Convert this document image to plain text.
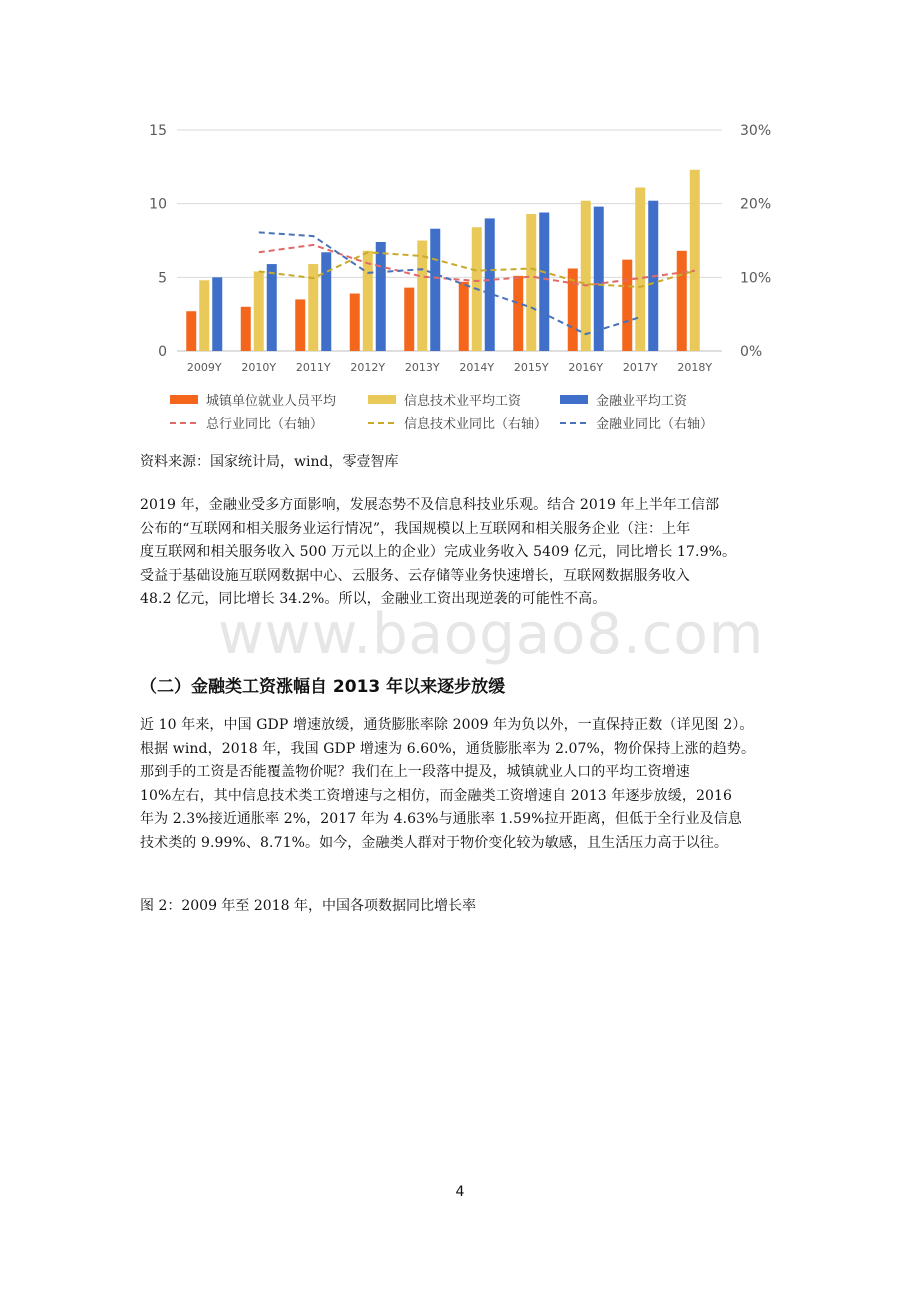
0
5
10
15
0%
10%
20%
30%
2009Y 2010Y 2011Y 2012Y 2013Y 2014Y 2015Y 2016Y 2017Y 2018Y
城镇单位就业人员平均	信息技术业平均工资	金融业平均工资
总行业同比（右轴）	信息技术业同比（右轴）	金融业同比（右轴）
资料来源：国家统计局，wind，零壹智库

2019 年，金融业受多方面影响，发展态势不及信息科技业乐观。结合 2019 年上半年工信部
公布的“互联网和相关服务业运行情况”，我国规模以上互联网和相关服务企业（注：上年
度互联网和相关服务收入 500 万元以上的企业）完成业务收入 5409 亿元，同比增长 17.9%。
受益于基础设施互联网数据中心、云服务、云存储等业务快速增长，互联网数据服务收入
48.2 亿元，同比增长 34.2%。所以，金融业工资出现逆袭的可能性不高。

www.baogao8.com
（二）金融类工资涨幅自 2013 年以来逐步放缓

近 10 年来，中国 GDP 增速放缓，通货膨胀率除 2009 年为负以外，一直保持正数（详见图 2）。
根据 wind，2018 年，我国 GDP 增速为 6.60%，通货膨胀率为 2.07%，物价保持上涨的趋势。
那到手的工资是否能覆盖物价呢？我们在上一段落中提及，城镇就业人口的平均工资增速
10%左右，其中信息技术类工资增速与之相仿，而金融类工资增速自 2013 年逐步放缓，2016
年为 2.3%接近通胀率 2%，2017 年为 4.63%与通胀率 1.59%拉开距离，但低于全行业及信息
技术类的 9.99%、8.71%。如今，金融类人群对于物价变化较为敏感，且生活压力高于以往。

图 2：2009 年至 2018 年，中国各项数据同比增长率
4
